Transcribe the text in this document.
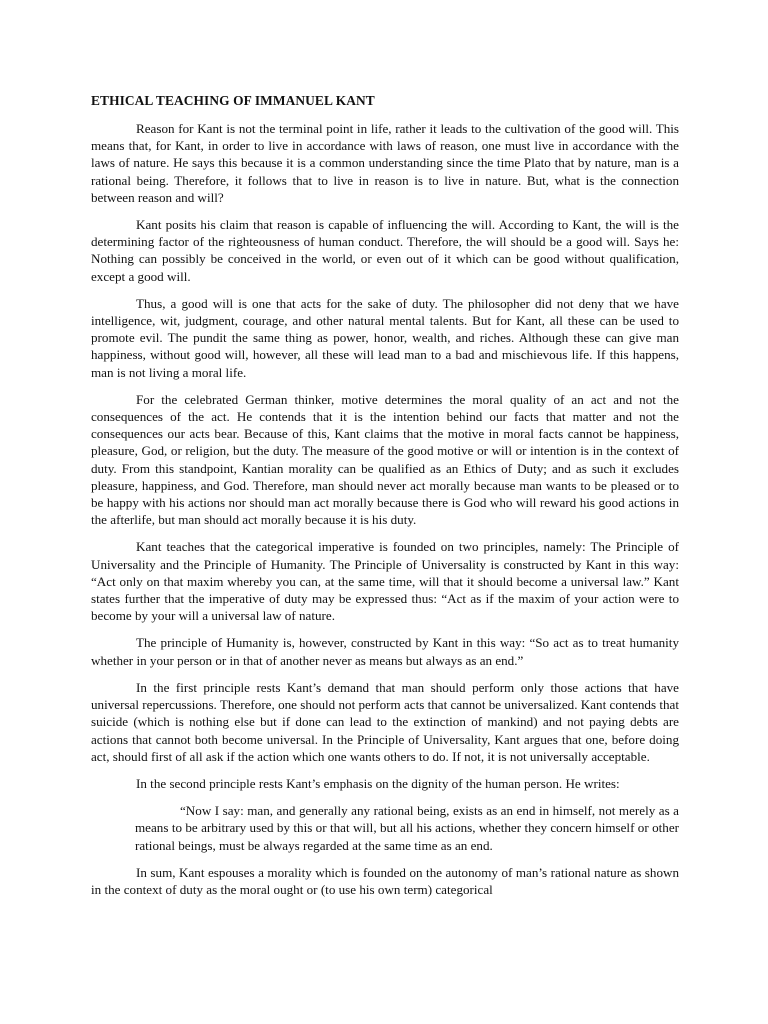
ETHICAL TEACHING OF IMMANUEL KANT

Reason for Kant is not the terminal point in life, rather it leads to the cultivation of the good will. This means that, for Kant, in order to live in accordance with laws of reason, one must live in accordance with the laws of nature. He says this because it is a common understanding since the time Plato that by nature, man is a rational being. Therefore, it follows that to live in reason is to live in nature. But, what is the connection between reason and will?

Kant posits his claim that reason is capable of influencing the will. According to Kant, the will is the determining factor of the righteousness of human conduct. Therefore, the will should be a good will. Says he: Nothing can possibly be conceived in the world, or even out of it which can be good without qualification, except a good will.

Thus, a good will is one that acts for the sake of duty. The philosopher did not deny that we have intelligence, wit, judgment, courage, and other natural mental talents. But for Kant, all these can be used to promote evil. The pundit the same thing as power, honor, wealth, and riches. Although these can give man happiness, without good will, however, all these will lead man to a bad and mischievous life. If this happens, man is not living a moral life.

For the celebrated German thinker, motive determines the moral quality of an act and not the consequences of the act. He contends that it is the intention behind our facts that matter and not the consequences our acts bear. Because of this, Kant claims that the motive in moral facts cannot be happiness, pleasure, God, or religion, but the duty. The measure of the good motive or will or intention is in the context of duty. From this standpoint, Kantian morality can be qualified as an Ethics of Duty; and as such it excludes pleasure, happiness, and God. Therefore, man should never act morally because man wants to be pleased or to be happy with his actions nor should man act morally because there is God who will reward his good actions in the afterlife, but man should act morally because it is his duty.

Kant teaches that the categorical imperative is founded on two principles, namely: The Principle of Universality and the Principle of Humanity. The Principle of Universality is constructed by Kant in this way: “Act only on that maxim whereby you can, at the same time, will that it should become a universal law.” Kant states further that the imperative of duty may be expressed thus: “Act as if the maxim of your action were to become by your will a universal law of nature.

The principle of Humanity is, however, constructed by Kant in this way: “So act as to treat humanity whether in your person or in that of another never as means but always as an end.”

In the first principle rests Kant’s demand that man should perform only those actions that have universal repercussions. Therefore, one should not perform acts that cannot be universalized. Kant contends that suicide (which is nothing else but if done can lead to the extinction of mankind) and not paying debts are actions that cannot both become universal. In the Principle of Universality, Kant argues that one, before doing act, should first of all ask if the action which one wants others to do. If not, it is not universally acceptable.

In the second principle rests Kant’s emphasis on the dignity of the human person. He writes:

“Now I say: man, and generally any rational being, exists as an end in himself, not merely as a means to be arbitrary used by this or that will, but all his actions, whether they concern himself or other rational beings, must be always regarded at the same time as an end.

In sum, Kant espouses a morality which is founded on the autonomy of man’s rational nature as shown in the context of duty as the moral ought or (to use his own term) categorical
